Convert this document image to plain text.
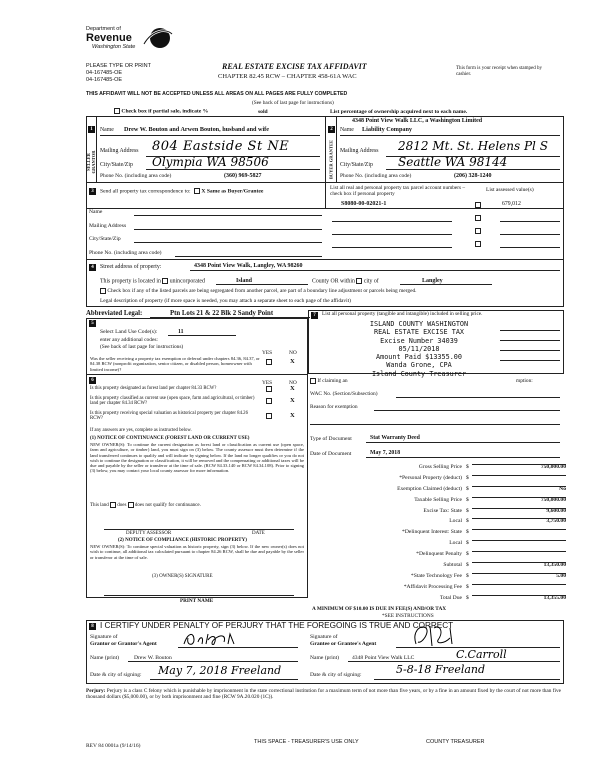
Department of
Revenue
Washington State
PLEASE TYPE OR PRINT
04-167485-OE
04-167485-OE
REAL ESTATE EXCISE TAX AFFIDAVIT
CHAPTER 82.45 RCW – CHAPTER 458-61A WAC
This form is your receipt when stamped by cashier.
THIS AFFIDAVIT WILL NOT BE ACCEPTED UNLESS ALL AREAS ON ALL PAGES ARE FULLY COMPLETED
(See back of last page for instructions)
Check box if partial sale, indicate %	sold	List percentage of ownership acquired next to each name.
1
SELLER GRANTOR
Name Drew W. Bouton and Arwen Bouton, husband and wife
Mailing Address 804 Eastside St NE
City/State/Zip Olympia WA 98506
Phone No. (including area code)	(360) 969-5827
2
BUYER GRANTEE
4348 Point View Walk LLC, a Washington Limited
Name Liability Company
Mailing Address 2812 Mt. St. Helens Pl S
City/State/Zip Seattle WA 98144
Phone No. (including area code)	(206) 328-1240
3	Send all property tax correspondence to: X Same as Buyer/Grantee
List all real and personal property tax parcel account numbers – check box if personal property
List assessed value(s)
Name
Mailing Address
City/State/Zip
Phone No. (including area code)
S8080-00-02021-1	679,012
4	Street address of property:	4348 Point View Walk, Langley, WA 98260
This property is located in unincorporated	Island	County OR within city of	Langley
Check box if any of the listed parcels are being segregated from another parcel, are part of a boundary line adjustment or parcels being merged.
Legal description of property (if more space is needed, you may attach a separate sheet to each page of the affidavit)
Abbreviated Legal:	Ptn Lots 21 & 22 Blk 2 Sandy Point
5
Select Land Use Code(s):	11
enter any additional codes:
(See back of last page for instructions)
YES	NO
Was the seller receiving a property tax exemption or deferral under chapters 84.36, 84.37, or 84.38 RCW (nonprofit organization, senior citizen, or disabled person, homeowner with limited income)?
X
6	YES	NO
Is this property designated as forest land per chapter 84.33 RCW?	X
Is this property classified as current use (open space, farm and agricultural, or timber) land per chapter 84.34 RCW?	X
Is this property receiving special valuation as historical property per chapter 84.26 RCW?	X
If any answers are yes, complete as instructed below.
(1) NOTICE OF CONTINUANCE (FOREST LAND OR CURRENT USE)
NEW OWNER(S): To continue the current designation as forest land or classification as current use (open space, farm and agriculture, or timber) land, you must sign on (3) below. The county assessor must then determine if the land transferred continues to qualify and will indicate by signing below. If the land no longer qualifies or you do not wish to continue the designation or classification, it will be removed and the compensating or additional taxes will be due and payable by the seller or transferor at the time of sale. (RCW 84.33.140 or RCW 84.34.108). Prior to signing (3) below, you may contact your local county assessor for more information.
This land does does not qualify for continuance.
DEPUTY ASSESSOR	DATE
(2) NOTICE OF COMPLIANCE (HISTORIC PROPERTY)
NEW OWNER(S): To continue special valuation as historic property, sign (3) below. If the new owner(s) does not wish to continue, all additional tax calculated pursuant to chapter 84.26 RCW, shall be due and payable by the seller or transferor at the time of sale.
(3) OWNER(S) SIGNATURE
PRINT NAME
7	List all personal property (tangible and intangible) included in selling price.
ISLAND COUNTY WASHINGTON
REAL ESTATE EXCISE TAX
Excise Number 34039
05/11/2018
Amount Paid $13355.00
Wanda Grone, CPA
Island County Treasurer
If claiming an	mption:
WAC No. (Section/Subsection)
Reason for exemption
Type of Document	Stat Warranty Deed
Date of Document	May 7, 2018
Gross Selling Price $	750,000.00
*Personal Property (deduct) $
Exemption Claimed (deduct) $	No
Taxable Selling Price $	750,000.00
Excise Tax: State $	9,600.00
Local $	3,750.00
*Delinquent Interest: State $
Local $
*Delinquent Penalty $
Subtotal $	13,350.00
*State Technology Fee $	5.00
*Affidavit Processing Fee $
Total Due $	13,355.00
A MINIMUM OF $10.00 IS DUE IN FEE(S) AND/OR TAX
*SEE INSTRUCTIONS
8 I CERTIFY UNDER PENALTY OF PERJURY THAT THE FOREGOING IS TRUE AND CORRECT
Signature of
Grantor or Grantor's Agent
Name (print)	Drew W. Bouton
Date & city of signing: May 7, 2018 Freeland
Signature of
Grantee or Grantee's Agent
Name (print) 4348 Point View Walk LLC	C.Carroll
Date & city of signing:	5-8-18 Freeland
Perjury: Perjury is a class C felony which is punishable by imprisonment in the state correctional institution for a maximum term of not more than five years, or by a fine in an amount fixed by the court of not more than five thousand dollars ($5,000.00), or by both imprisonment and fine (RCW 9A.20.020 (1C)).
REV 84 0001a (9/14/16)
THIS SPACE - TREASURER'S USE ONLY	COUNTY TREASURER
